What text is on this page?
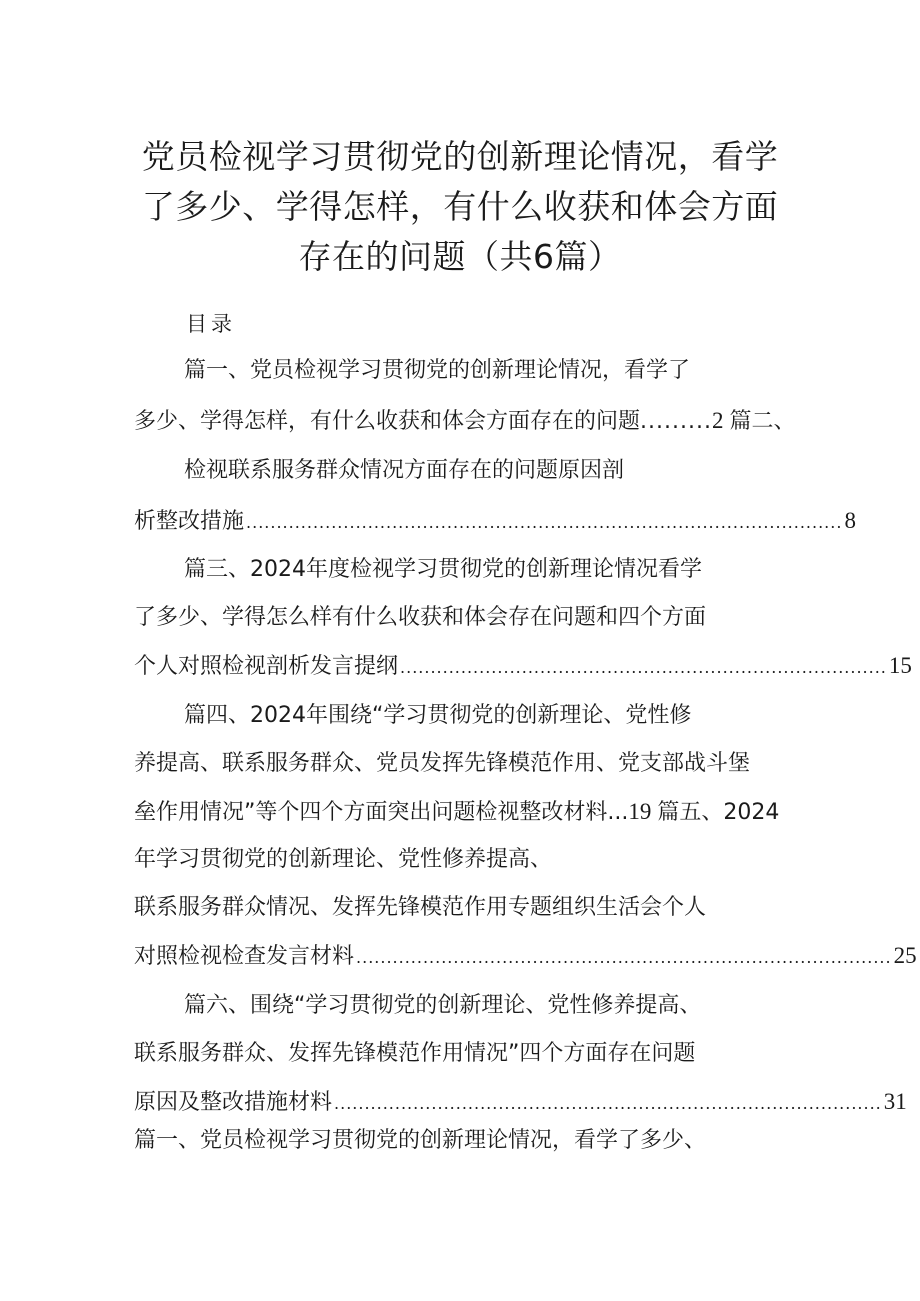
党员检视学习贯彻党的创新理论情况，看学
了多少、学得怎样，有什么收获和体会方面
存在的问题（共6篇）
目录
篇一、党员检视学习贯彻党的创新理论情况，看学了
多少、学得怎样，有什么收获和体会方面存在的问题.........2 篇二、
检视联系服务群众情况方面存在的问题原因剖
析整改措施 .................................................................................................. 8
篇三、2024年度检视学习贯彻党的创新理论情况看学
了多少、学得怎么样有什么收获和体会存在问题和四个方面
个人对照检视剖析发言提纲 ................................................................................ 15
篇四、2024年围绕“学习贯彻党的创新理论、党性修
养提高、联系服务群众、党员发挥先锋模范作用、党支部战斗堡
垒作用情况”等个四个方面突出问题检视整改材料...19 篇五、2024
年学习贯彻党的创新理论、党性修养提高、
联系服务群众情况、发挥先锋模范作用专题组织生活会个人
对照检视检查发言材料 ........................................................................................ 25
篇六、围绕“学习贯彻党的创新理论、党性修养提高、
联系服务群众、发挥先锋模范作用情况”四个方面存在问题
原因及整改措施材料 .......................................................................................... 31
篇一、党员检视学习贯彻党的创新理论情况，看学了多少、
